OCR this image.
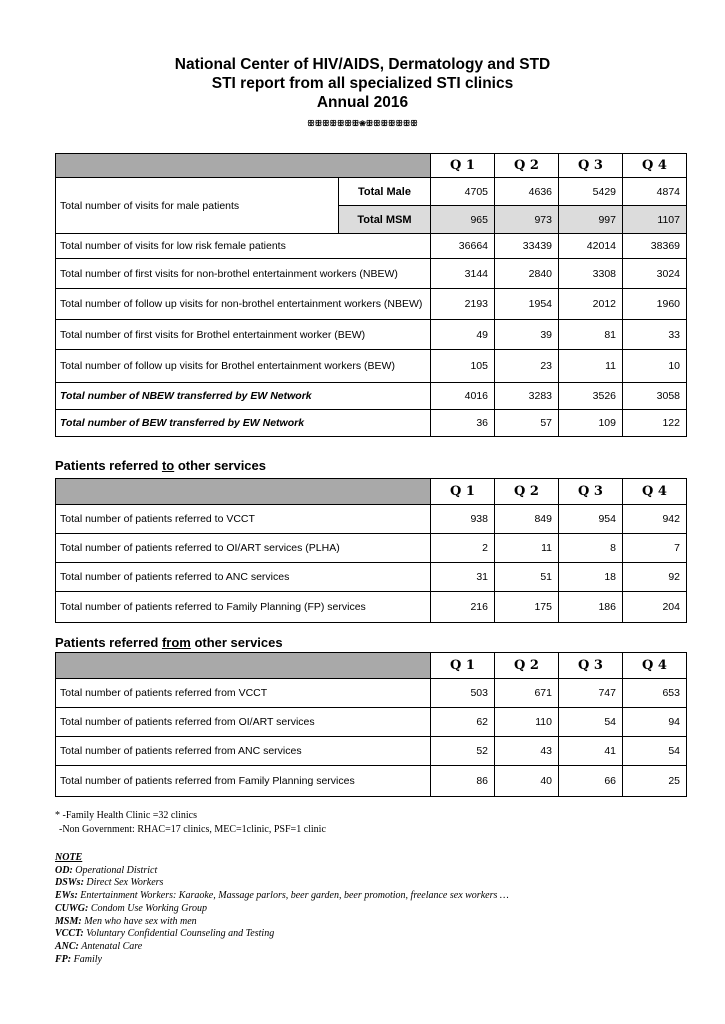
National Center of HIV/AIDS, Dermatology and STD
STI report from all specialized STI clinics
Annual 2016
ꕥꕥꕥꕥꕥꕥꕥ❀ꕥꕥꕥꕥꕥꕥꕥ
		Q 1	Q 2	Q 3	Q 4
Total number of visits for male patients	Total Male	4705	4636	5429	4874
	Total MSM	965	973	997	1107
Total number of visits for low risk female patients		36664	33439	42014	38369
Total number of first visits for non-brothel entertainment workers (NBEW)		3144	2840	3308	3024
Total number of follow up visits for non-brothel entertainment workers (NBEW)		2193	1954	2012	1960
Total number of first visits for Brothel entertainment worker (BEW)		49	39	81	33
Total number of follow up visits for Brothel entertainment workers (BEW)		105	23	11	10
Total number of NBEW transferred by EW Network		4016	3283	3526	3058
Total number of BEW transferred by EW Network		36	57	109	122
Patients referred to other services
	Q 1	Q 2	Q 3	Q 4
Total number of patients referred to VCCT	938	849	954	942
Total number of patients referred to OI/ART services (PLHA)	2	11	8	7
Total number of patients referred to ANC services	31	51	18	92
Total number of patients referred to Family Planning (FP) services	216	175	186	204
Patients referred from other services
	Q 1	Q 2	Q 3	Q 4
Total number of patients referred from VCCT	503	671	747	653
Total number of patients referred from OI/ART services	62	110	54	94
Total number of patients referred from ANC services	52	43	41	54
Total number of patients referred from Family Planning services	86	40	66	25
* -Family Health Clinic =32 clinics
-Non Government: RHAC=17 clinics, MEC=1clinic, PSF=1 clinic
NOTE
OD: Operational District
DSWs: Direct Sex Workers
EWs: Entertainment Workers: Karaoke, Massage parlors, beer garden, beer promotion, freelance sex workers …
CUWG: Condom Use Working Group
MSM: Men who have sex with men
VCCT: Voluntary Confidential Counseling and Testing
ANC: Antenatal Care
FP: Family
